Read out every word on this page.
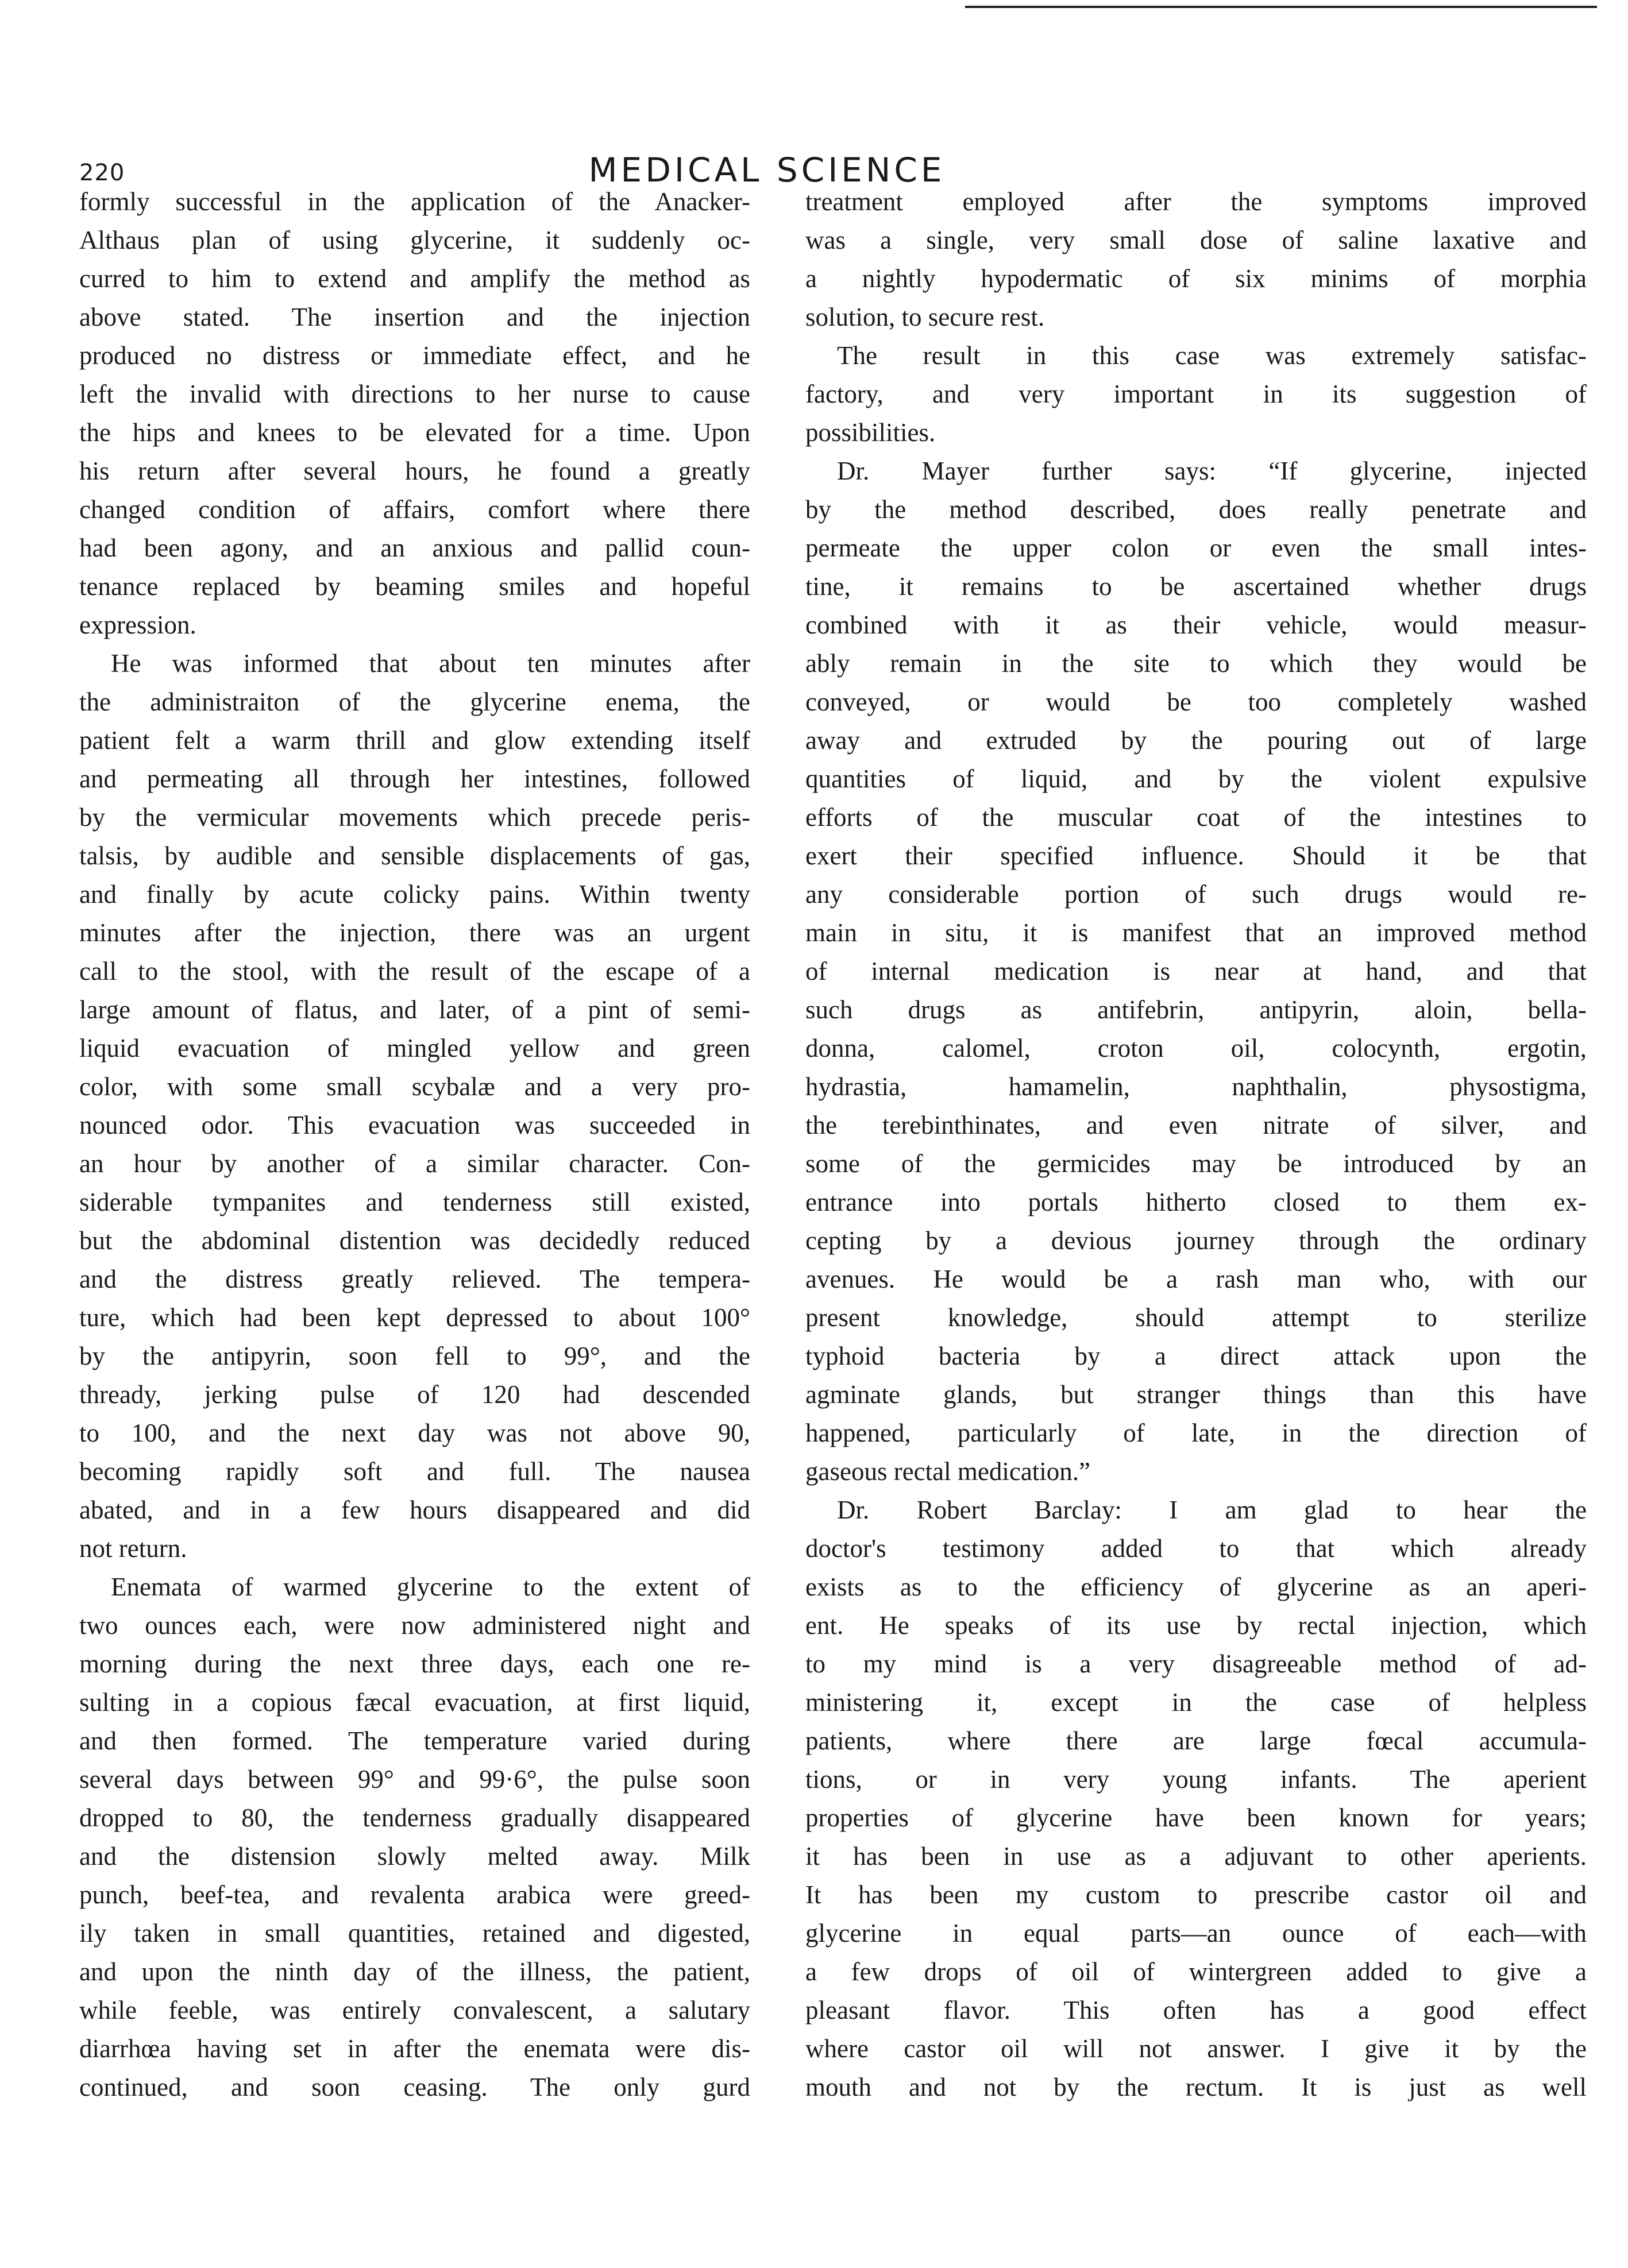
220	MEDICAL SCIENCE
formly successful in the application of the Anacker-
Althaus plan of using glycerine, it suddenly oc-
curred to him to extend and amplify the method as
above stated. The insertion and the injection
produced no distress or immediate effect, and he
left the invalid with directions to her nurse to cause
the hips and knees to be elevated for a time. Upon
his return after several hours, he found a greatly
changed condition of affairs, comfort where there
had been agony, and an anxious and pallid coun-
tenance replaced by beaming smiles and hopeful
expression.
He was informed that about ten minutes after
the administraiton of the glycerine enema, the
patient felt a warm thrill and glow extending itself
and permeating all through her intestines, followed
by the vermicular movements which precede peris-
talsis, by audible and sensible displacements of gas,
and finally by acute colicky pains. Within twenty
minutes after the injection, there was an urgent
call to the stool, with the result of the escape of a
large amount of flatus, and later, of a pint of semi-
liquid evacuation of mingled yellow and green
color, with some small scybalæ and a very pro-
nounced odor. This evacuation was succeeded in
an hour by another of a similar character. Con-
siderable tympanites and tenderness still existed,
but the abdominal distention was decidedly reduced
and the distress greatly relieved. The tempera-
ture, which had been kept depressed to about 100°
by the antipyrin, soon fell to 99°, and the
thready, jerking pulse of 120 had descended
to 100, and the next day was not above 90,
becoming rapidly soft and full. The nausea
abated, and in a few hours disappeared and did
not return.
Enemata of warmed glycerine to the extent of
two ounces each, were now administered night and
morning during the next three days, each one re-
sulting in a copious fæcal evacuation, at first liquid,
and then formed. The temperature varied during
several days between 99° and 99·6°, the pulse soon
dropped to 80, the tenderness gradually disappeared
and the distension slowly melted away. Milk
punch, beef-tea, and revalenta arabica were greed-
ily taken in small quantities, retained and digested,
and upon the ninth day of the illness, the patient,
while feeble, was entirely convalescent, a salutary
diarrhœa having set in after the enemata were dis-
continued, and soon ceasing. The only gurd
treatment employed after the symptoms improved
was a single, very small dose of saline laxative and
a nightly hypodermatic of six minims of morphia
solution, to secure rest.
The result in this case was extremely satisfac-
factory, and very important in its suggestion of
possibilities.
Dr. Mayer further says: “If glycerine, injected
by the method described, does really penetrate and
permeate the upper colon or even the small intes-
tine, it remains to be ascertained whether drugs
combined with it as their vehicle, would measur-
ably remain in the site to which they would be
conveyed, or would be too completely washed
away and extruded by the pouring out of large
quantities of liquid, and by the violent expulsive
efforts of the muscular coat of the intestines to
exert their specified influence. Should it be that
any considerable portion of such drugs would re-
main in situ, it is manifest that an improved method
of internal medication is near at hand, and that
such drugs as antifebrin, antipyrin, aloin, bella-
donna, calomel, croton oil, colocynth, ergotin,
hydrastia, hamamelin, naphthalin, physostigma,
the terebinthinates, and even nitrate of silver, and
some of the germicides may be introduced by an
entrance into portals hitherto closed to them ex-
cepting by a devious journey through the ordinary
avenues. He would be a rash man who, with our
present knowledge, should attempt to sterilize
typhoid bacteria by a direct attack upon the
agminate glands, but stranger things than this have
happened, particularly of late, in the direction of
gaseous rectal medication.”
Dr. Robert Barclay: I am glad to hear the
doctor's testimony added to that which already
exists as to the efficiency of glycerine as an aperi-
ent. He speaks of its use by rectal injection, which
to my mind is a very disagreeable method of ad-
ministering it, except in the case of helpless
patients, where there are large fœcal accumula-
tions, or in very young infants. The aperient
properties of glycerine have been known for years;
it has been in use as a adjuvant to other aperients.
It has been my custom to prescribe castor oil and
glycerine in equal parts—an ounce of each—with
a few drops of oil of wintergreen added to give a
pleasant flavor. This often has a good effect
where castor oil will not answer. I give it by the
mouth and not by the rectum. It is just as well
